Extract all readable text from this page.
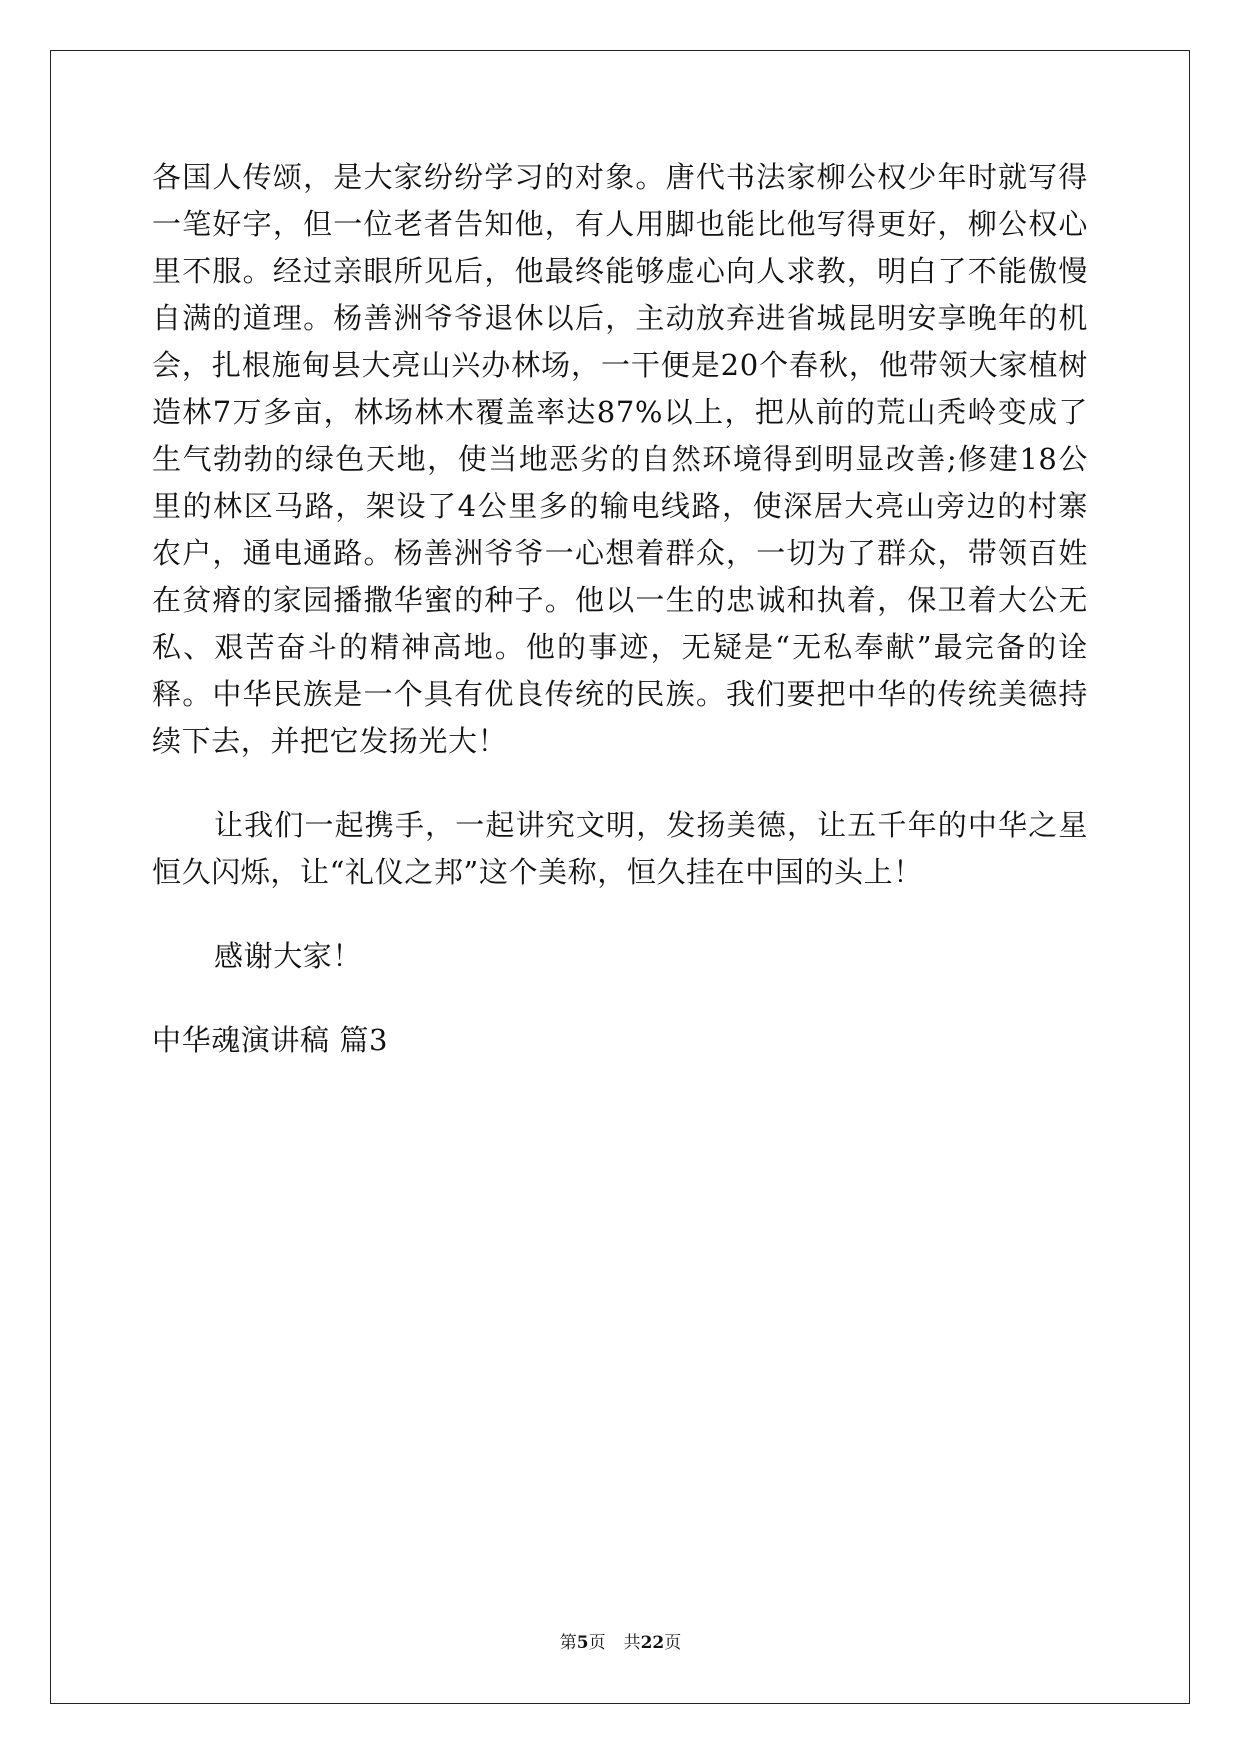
各国人传颂，是大家纷纷学习的对象。唐代书法家柳公权少年时就写得一笔好字，但一位老者告知他，有人用脚也能比他写得更好，柳公权心里不服。经过亲眼所见后，他最终能够虚心向人求教，明白了不能傲慢自满的道理。杨善洲爷爷退休以后，主动放弃进省城昆明安享晚年的机会，扎根施甸县大亮山兴办林场，一干便是20个春秋，他带领大家植树造林7万多亩，林场林木覆盖率达87%以上，把从前的荒山秃岭变成了生气勃勃的绿色天地，使当地恶劣的自然环境得到明显改善;修建18公里的林区马路，架设了4公里多的输电线路，使深居大亮山旁边的村寨农户，通电通路。杨善洲爷爷一心想着群众，一切为了群众，带领百姓在贫瘠的家园播撒华蜜的种子。他以一生的忠诚和执着，保卫着大公无私、艰苦奋斗的精神高地。他的事迹，无疑是“无私奉献”最完备的诠释。中华民族是一个具有优良传统的民族。我们要把中华的传统美德持续下去，并把它发扬光大！

让我们一起携手，一起讲究文明，发扬美德，让五千年的中华之星恒久闪烁，让“礼仪之邦”这个美称，恒久挂在中国的头上！

感谢大家！

中华魂演讲稿 篇3

第5页 共22页
